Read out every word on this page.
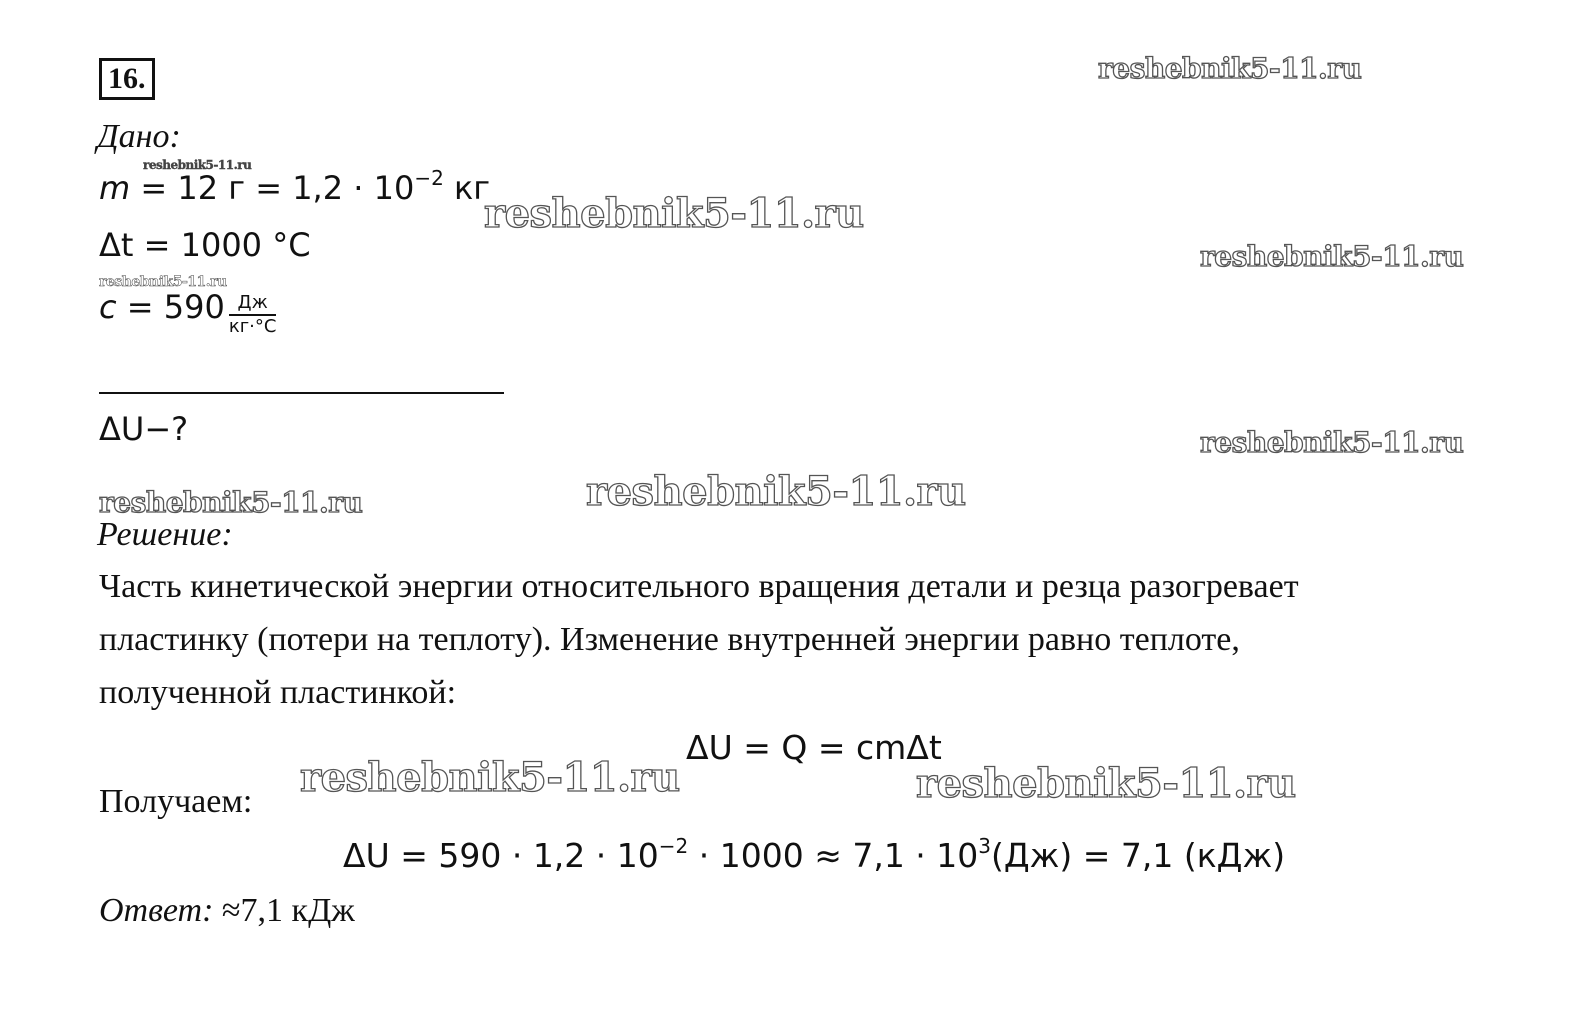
16.
Дано:
m = 12 $г = 1,2 \cdot 10^{-2}$ кг
Δt = 1000 °С
$c = 590 \frac{Дж}{кг\cdot^\circ С}$
ΔU−?
Решение:
Часть кинетической энергии относительного вращения детали и резца разогревает
пластинку (потери на теплоту). Изменение внутренней энергии равно теплоте,
полученной пластинкой:
ΔU = Q = cmΔt
Получаем:
$\Delta U = 590 \cdot 1,2 \cdot 10^{-2} \cdot 1000 \approx 7,1 \cdot 10^3(Дж) = 7,1$ (кДж)
Ответ: ≈7,1 кДж
reshebnik5-11.ru
reshebnik5-11.ru
reshebnik5-11.ru
reshebnik5-11.ru
reshebnik5-11.ru
reshebnik5-11.ru
reshebnik5-11.ru
reshebnik5-11.ru
reshebnik5-11.ru	reshebnik5-11.ru
